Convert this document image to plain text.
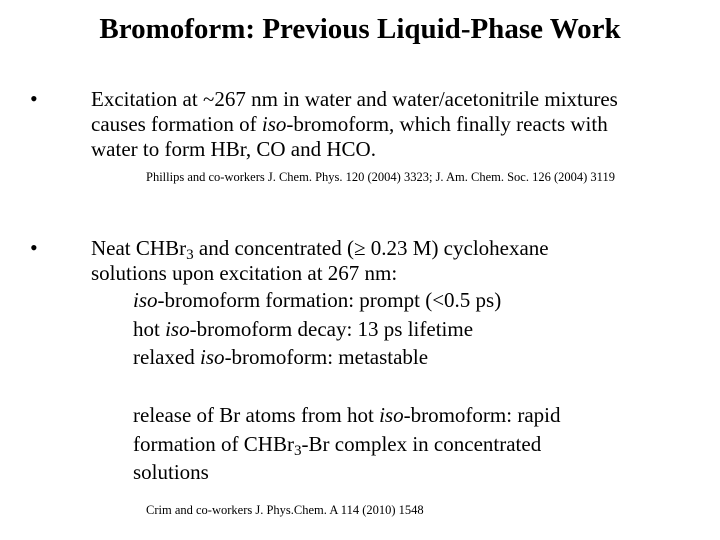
Bromoform: Previous Liquid-Phase Work
•	Excitation at ~267 nm in water and water/acetonitrile mixtures
causes formation of iso-bromoform, which finally reacts with
water to form HBr, CO and HCO.
Phillips and co-workers J. Chem. Phys. 120 (2004) 3323; J. Am. Chem. Soc. 126 (2004) 3119
•	Neat CHBr$_3$ and concentrated (≥ 0.23 M) cyclohexane
solutions upon excitation at 267 nm:
iso-bromoform formation: prompt (<0.5 ps)
hot iso-bromoform decay: 13 ps lifetime
relaxed iso-bromoform: metastable
release of Br atoms from hot iso-bromoform: rapid
formation of CHBr$_3$-Br complex in concentrated
solutions
Crim and co-workers J. Phys.Chem. A 114 (2010) 1548
